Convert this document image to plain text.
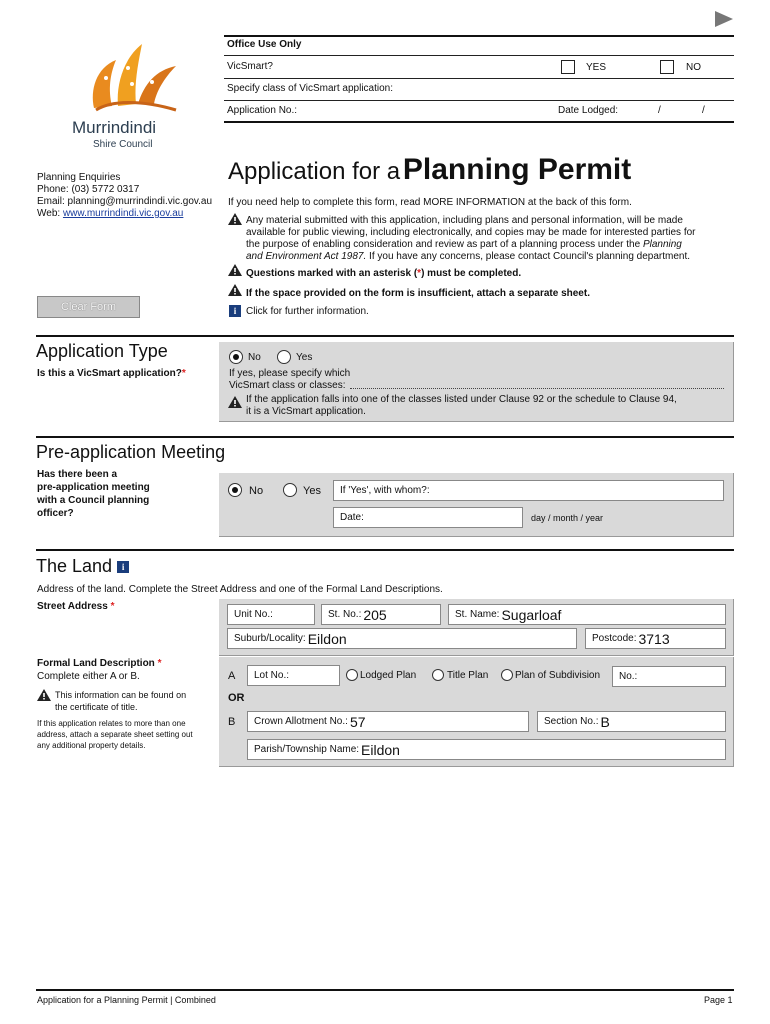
Office Use Only
VicSmart?	YES	NO
Specify class of VicSmart application:
Application No.:	Date Lodged:	/	/
Murrindindi
Shire Council
Planning Enquiries
Phone: (03) 5772 0317
Email: planning@murrindindi.vic.gov.au
Web: www.murrindindi.vic.gov.au
Clear Form
Application for a Planning Permit
If you need help to complete this form, read MORE INFORMATION at the back of this form.
Any material submitted with this application, including plans and personal information, will be made
available for public viewing, including electronically, and copies may be made for interested parties for
the purpose of enabling consideration and review as part of a planning process under the Planning
and Environment Act 1987. If you have any concerns, please contact Council's planning department.
Questions marked with an asterisk (*) must be completed.
If the space provided on the form is insufficient, attach a separate sheet.
i Click for further information.
Application Type
Is this a VicSmart application?*
No	Yes
If yes, please specify which
VicSmart class or classes:
If the application falls into one of the classes listed under Clause 92 or the schedule to Clause 94,
it is a VicSmart application.
Pre-application Meeting
Has there been a
pre-application meeting
with a Council planning
officer?
No	Yes If 'Yes', with whom?:
Date:	day / month / year
The Land i
Address of the land. Complete the Street Address and one of the Formal Land Descriptions.
Street Address *
Unit No.:	St. No.: 205	St. Name: Sugarloaf
Suburb/Locality: Eildon	Postcode: 3713
Formal Land Description *
Complete either A or B.
This information can be found on
the certificate of title.
If this application relates to more than one
address, attach a separate sheet setting out
any additional property details.
A Lot No.:	Lodged Plan	Title Plan	Plan of Subdivision No.:
OR
B Crown Allotment No.: 57	Section No.: B
Parish/Township Name: Eildon
Application for a Planning Permit | Combined	Page 1
